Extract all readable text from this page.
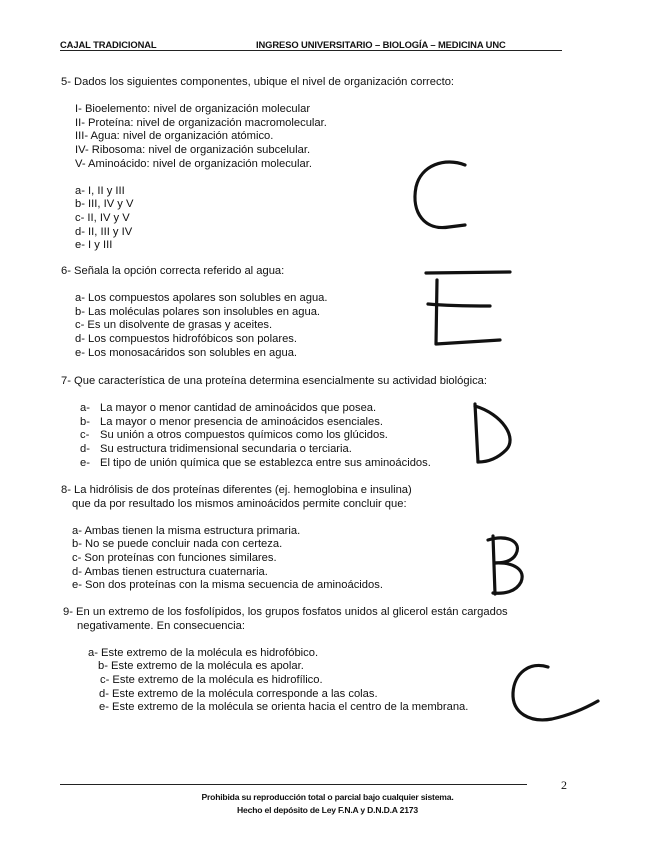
CAJAL TRADICIONAL	INGRESO UNIVERSITARIO – BIOLOGÍA – MEDICINA UNC
5- Dados los siguientes componentes, ubique el nivel de organización correcto:
I- Bioelemento: nivel de organización molecular
II- Proteína: nivel de organización macromolecular.
III- Agua: nivel de organización atómico.
IV- Ribosoma: nivel de organización subcelular.
V- Aminoácido: nivel de organización molecular.
a- I, II y III
b- III, IV y V
c- II, IV y V
d- II, III y IV
e- I y III
6- Señala la opción correcta referido al agua:
a- Los compuestos apolares son solubles en agua.
b- Las moléculas polares son insolubles en agua.
c- Es un disolvente de grasas y aceites.
d- Los compuestos hidrofóbicos son polares.
e- Los monosacáridos son solubles en agua.
7- Que característica de una proteína determina esencialmente su actividad biológica:
a- La mayor o menor cantidad de aminoácidos que posea.
b- La mayor o menor presencia de aminoácidos esenciales.
c- Su unión a otros compuestos químicos como los glúcidos.
d- Su estructura tridimensional secundaria o terciaria.
e- El tipo de unión química que se establezca entre sus aminoácidos.
8- La hidrólisis de dos proteínas diferentes (ej. hemoglobina e insulina)
que da por resultado los mismos aminoácidos permite concluir que:
a- Ambas tienen la misma estructura primaria.
b- No se puede concluir nada con certeza.
c- Son proteínas con funciones similares.
d- Ambas tienen estructura cuaternaria.
e- Son dos proteínas con la misma secuencia de aminoácidos.
9- En un extremo de los fosfolípidos, los grupos fosfatos unidos al glicerol están cargados
negativamente. En consecuencia:
a- Este extremo de la molécula es hidrofóbico.
b- Este extremo de la molécula es apolar.
c- Este extremo de la molécula es hidrofílico.
d- Este extremo de la molécula corresponde a las colas.
e- Este extremo de la molécula se orienta hacia el centro de la membrana.
2
Prohibida su reproducción total o parcial bajo cualquier sistema.
Hecho el depósito de Ley F.N.A y D.N.D.A 2173
